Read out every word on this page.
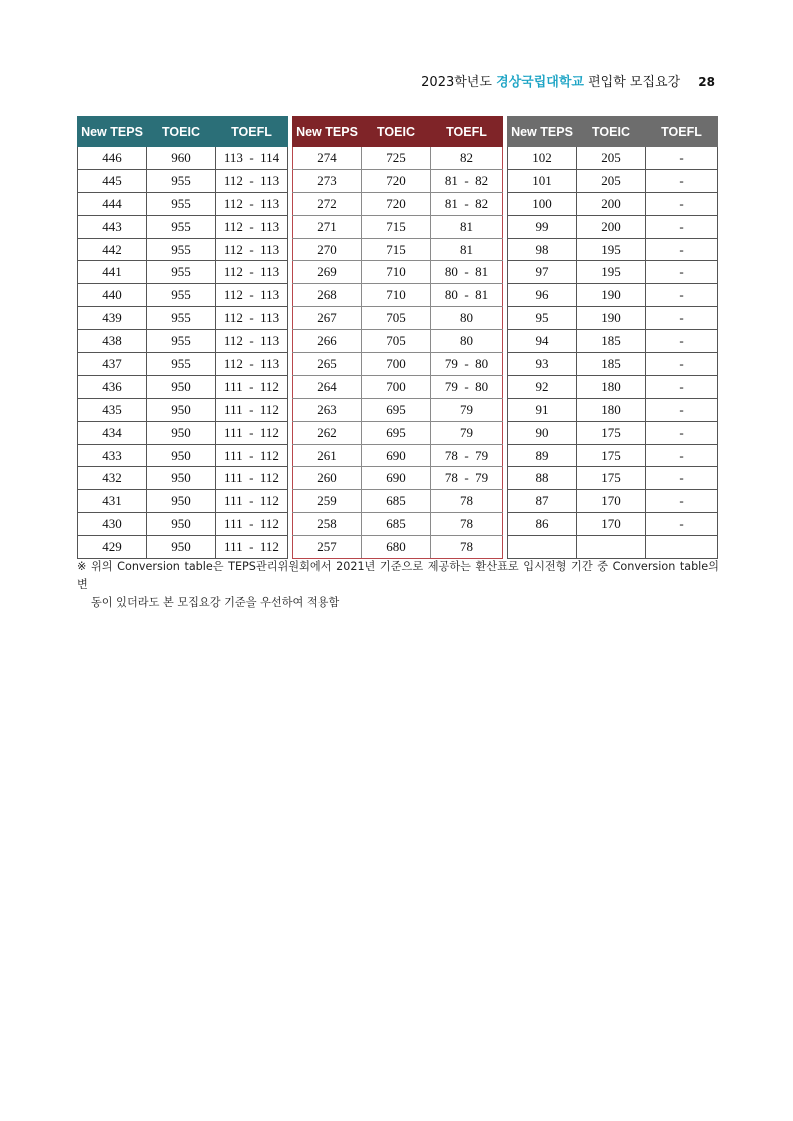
2023학년도 경상국립대학교 편입학 모집요강 28
New TEPS	TOEIC	TOEFL
446	960	113  -  114
445	955	112  -  113
444	955	112  -  113
443	955	112  -  113
442	955	112  -  113
441	955	112  -  113
440	955	112  -  113
439	955	112  -  113
438	955	112  -  113
437	955	112  -  113
436	950	111  -  112
435	950	111  -  112
434	950	111  -  112
433	950	111  -  112
432	950	111  -  112
431	950	111  -  112
430	950	111  -  112
429	950	111  -  112
New TEPS	TOEIC	TOEFL
274	725	82
273	720	81  -  82
272	720	81  -  82
271	715	81
270	715	81
269	710	80  -  81
268	710	80  -  81
267	705	80
266	705	80
265	700	79  -  80
264	700	79  -  80
263	695	79
262	695	79
261	690	78  -  79
260	690	78  -  79
259	685	78
258	685	78
257	680	78
New TEPS	TOEIC	TOEFL
102	205	-
101	205	-
100	200	-
99	200	-
98	195	-
97	195	-
96	190	-
95	190	-
94	185	-
93	185	-
92	180	-
91	180	-
90	175	-
89	175	-
88	175	-
87	170	-
86	170	-

※ 위의 Conversion table은 TEPS관리위원회에서 2021년 기준으로 제공하는 환산표로 입시전형 기간 중 Conversion table의 변
동이 있더라도 본 모집요강 기준을 우선하여 적용함
